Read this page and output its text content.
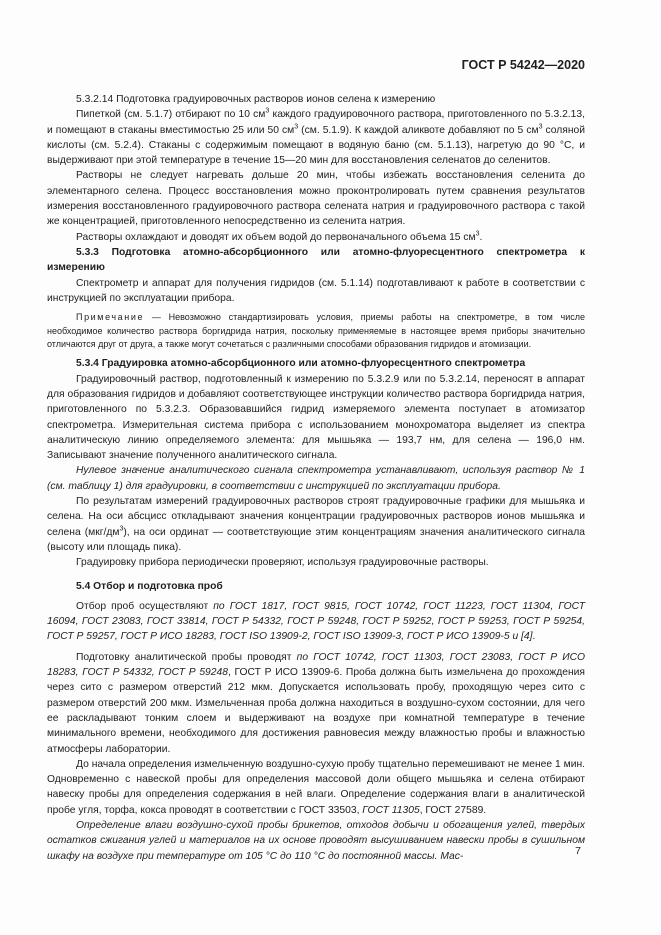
ГОСТ Р 54242—2020

5.3.2.14 Подготовка градуировочных растворов ионов селена к измерению

Пипеткой (см. 5.1.7) отбирают по 10 $см^3$ каждого градуировочного раствора, приготовленного по 5.3.2.13, и помещают в стаканы вместимостью 25 или 50 $см^3$ (см. 5.1.9). К каждой аликвоте добавляют по 5 $см^3$ соляной кислоты (см. 5.2.4). Стаканы с содержимым помещают в водяную баню (см. 5.1.13), нагретую до 90 °С, и выдерживают при этой температуре в течение 15—20 мин для восстановления селенатов до селенитов.

Растворы не следует нагревать дольше 20 мин, чтобы избежать восстановления селенита до элементарного селена. Процесс восстановления можно проконтролировать путем сравнения результатов измерения восстановленного градуировочного раствора селената натрия и градуировочного раствора с такой же концентрацией, приготовленного непосредственно из селенита натрия.

Растворы охлаждают и доводят их объем водой до первоначального объема 15 $см^3$.

5.3.3 Подготовка атомно-абсорбционного или атомно-флуоресцентного спектрометра к измерению

Спектрометр и аппарат для получения гидридов (см. 5.1.14) подготавливают к работе в соответствии с инструкцией по эксплуатации прибора.

Примечание — Невозможно стандартизировать условия, приемы работы на спектрометре, в том числе необходимое количество раствора боргидрида натрия, поскольку применяемые в настоящее время приборы значительно отличаются друг от друга, а также могут сочетаться с различными способами образования гидридов и атомизации.

5.3.4 Градуировка атомно-абсорбционного или атомно-флуоресцентного спектрометра

Градуировочный раствор, подготовленный к измерению по 5.3.2.9 или по 5.3.2.14, переносят в аппарат для образования гидридов и добавляют соответствующее инструкции количество раствора боргидрида натрия, приготовленного по 5.3.2.3. Образовавшийся гидрид измеряемого элемента поступает в атомизатор спектрометра. Измерительная система прибора с использованием монохроматора выделяет из спектра аналитическую линию определяемого элемента: для мышьяка — 193,7 нм, для селена — 196,0 нм. Записывают значение полученного аналитического сигнала.

Нулевое значение аналитического сигнала спектрометра устанавливают, используя раствор № 1 (см. таблицу 1) для градуировки, в соответствии с инструкцией по эксплуатации прибора.

По результатам измерений градуировочных растворов строят градуировочные графики для мышьяка и селена. На оси абсцисс откладывают значения концентрации градуировочных растворов ионов мышьяка и селена $(мкг/дм^3)$, на оси ординат — соответствующие этим концентрациям значения аналитического сигнала (высоту или площадь пика).

Градуировку прибора периодически проверяют, используя градуировочные растворы.

5.4 Отбор и подготовка проб

Отбор проб осуществляют по ГОСТ 1817, ГОСТ 9815, ГОСТ 10742, ГОСТ 11223, ГОСТ 11304, ГОСТ 16094, ГОСТ 23083, ГОСТ 33814, ГОСТ Р 54332, ГОСТ Р 59248, ГОСТ Р 59252, ГОСТ Р 59253, ГОСТ Р 59254, ГОСТ Р 59257, ГОСТ Р ИСО 18283, ГОСТ ISO 13909-2, ГОСТ ISO 13909-3, ГОСТ Р ИСО 13909-5 и [4].

Подготовку аналитической пробы проводят по ГОСТ 10742, ГОСТ 11303, ГОСТ 23083, ГОСТ Р ИСО 18283, ГОСТ Р 54332, ГОСТ Р 59248, ГОСТ Р ИСО 13909-6. Проба должна быть измельчена до прохождения через сито с размером отверстий 212 мкм. Допускается использовать пробу, проходящую через сито с размером отверстий 200 мкм. Измельченная проба должна находиться в воздушно-сухом состоянии, для чего ее раскладывают тонким слоем и выдерживают на воздухе при комнатной температуре в течение минимального времени, необходимого для достижения равновесия между влажностью пробы и влажностью атмосферы лаборатории.

До начала определения измельченную воздушно-сухую пробу тщательно перемешивают не менее 1 мин. Одновременно с навеской пробы для определения массовой доли общего мышьяка и селена отбирают навеску пробы для определения содержания в ней влаги. Определение содержания влаги в аналитической пробе угля, торфа, кокса проводят в соответствии с ГОСТ 33503, ГОСТ 11305, ГОСТ 27589.

Определение влаги воздушно-сухой пробы брикетов, отходов добычи и обогащения углей, твердых остатков сжигания углей и материалов на их основе проводят высушиванием навески пробы в сушильном шкафу на воздухе при температуре от 105 °С до 110 °С до постоянной массы. Мас-	7
